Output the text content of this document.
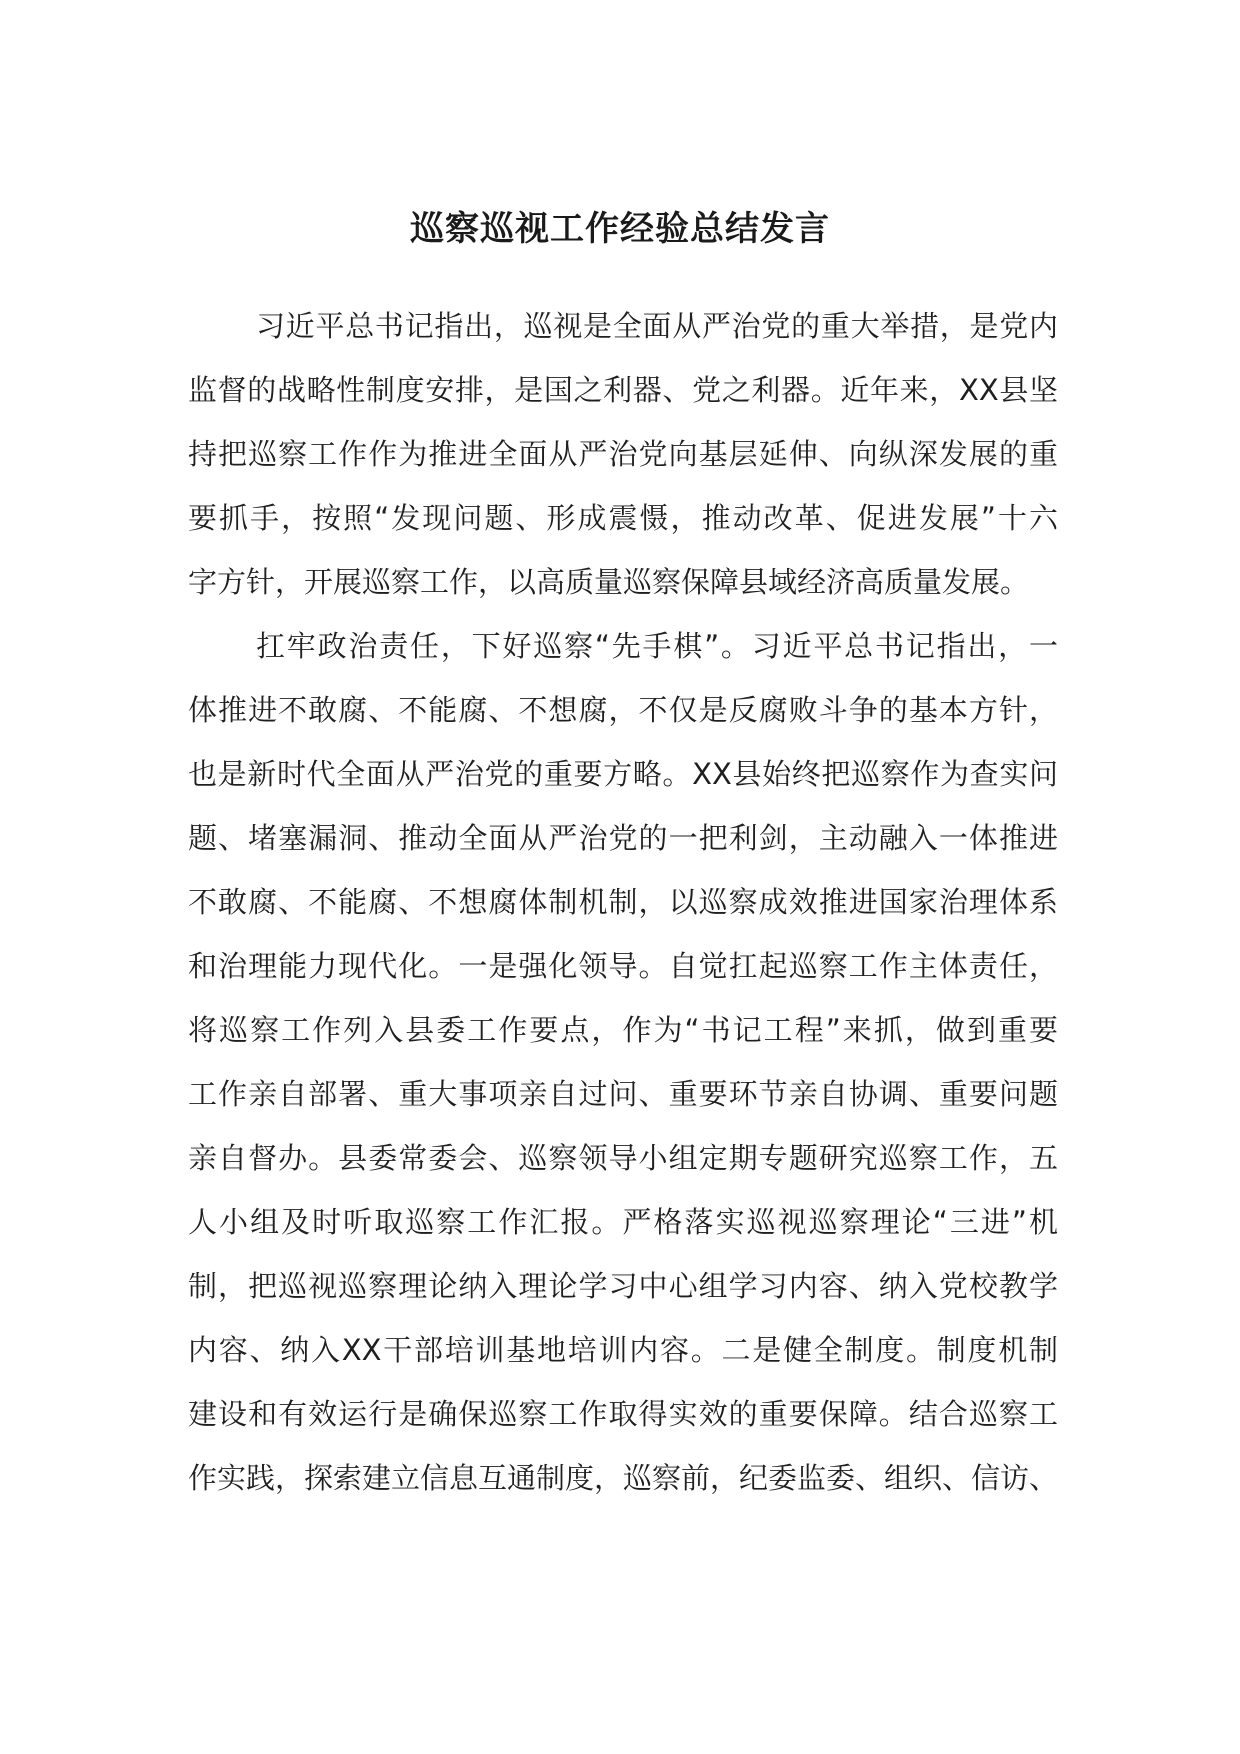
巡察巡视工作经验总结发言
习近平总书记指出，巡视是全面从严治党的重大举措，是党内
监督的战略性制度安排，是国之利器、党之利器。近年来，XX县坚
持把巡察工作作为推进全面从严治党向基层延伸、向纵深发展的重
要抓手，按照“发现问题、形成震慑，推动改革、促进发展”十六
字方针，开展巡察工作，以高质量巡察保障县域经济高质量发展。
扛牢政治责任，下好巡察“先手棋”。习近平总书记指出，一
体推进不敢腐、不能腐、不想腐，不仅是反腐败斗争的基本方针，
也是新时代全面从严治党的重要方略。XX县始终把巡察作为查实问
题、堵塞漏洞、推动全面从严治党的一把利剑，主动融入一体推进
不敢腐、不能腐、不想腐体制机制，以巡察成效推进国家治理体系
和治理能力现代化。一是强化领导。自觉扛起巡察工作主体责任，
将巡察工作列入县委工作要点，作为“书记工程”来抓，做到重要
工作亲自部署、重大事项亲自过问、重要环节亲自协调、重要问题
亲自督办。县委常委会、巡察领导小组定期专题研究巡察工作，五
人小组及时听取巡察工作汇报。严格落实巡视巡察理论“三进”机
制，把巡视巡察理论纳入理论学习中心组学习内容、纳入党校教学
内容、纳入XX干部培训基地培训内容。二是健全制度。制度机制
建设和有效运行是确保巡察工作取得实效的重要保障。结合巡察工
作实践，探索建立信息互通制度，巡察前，纪委监委、组织、信访、
